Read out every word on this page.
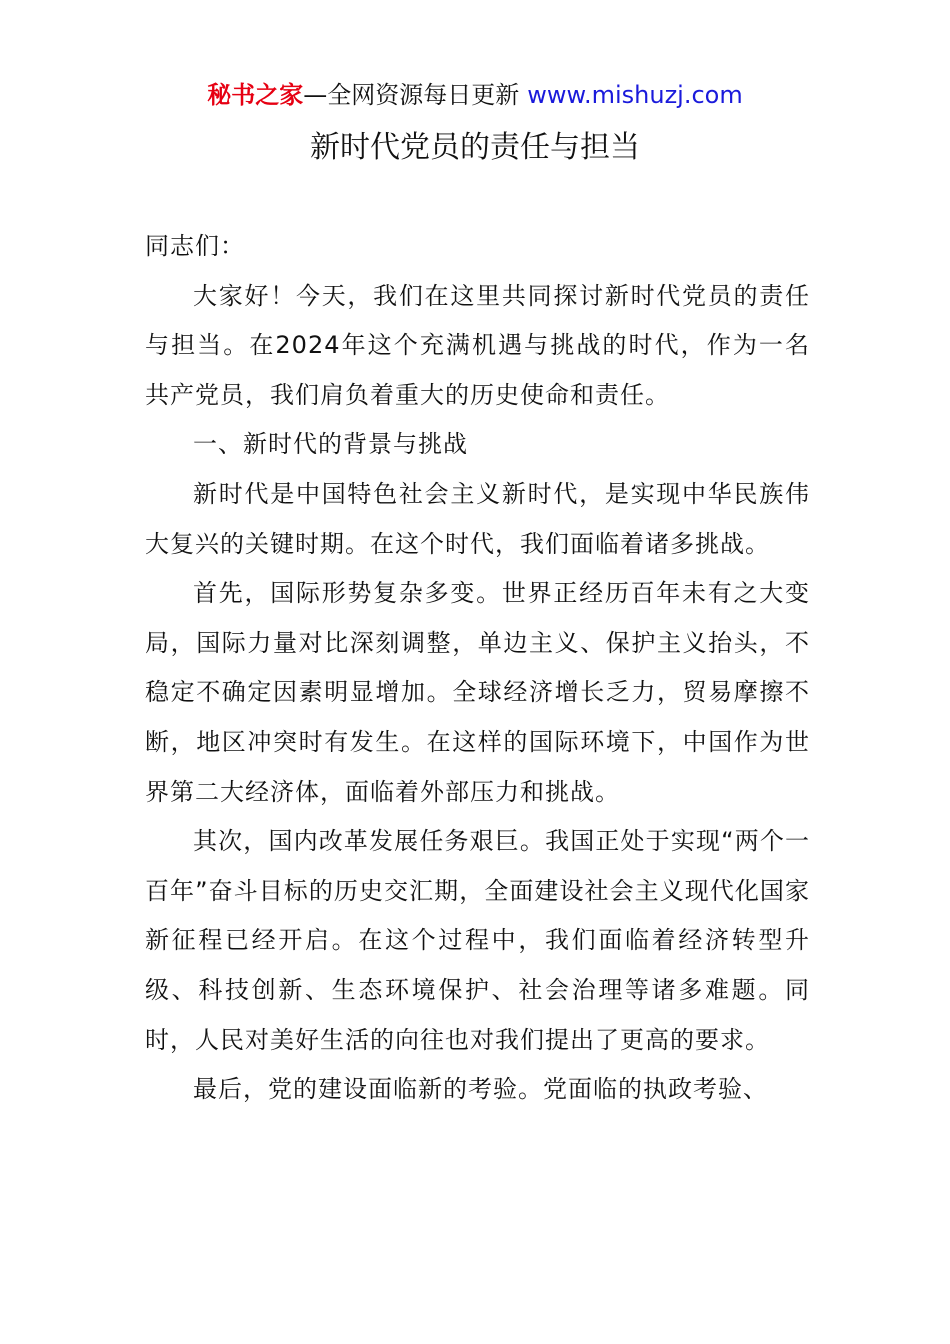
秘书之家—全网资源每日更新 www.mishuzj.com
新时代党员的责任与担当

同志们：

大家好！今天，我们在这里共同探讨新时代党员的责任与担当。在2024年这个充满机遇与挑战的时代，作为一名共产党员，我们肩负着重大的历史使命和责任。

一、新时代的背景与挑战

新时代是中国特色社会主义新时代，是实现中华民族伟大复兴的关键时期。在这个时代，我们面临着诸多挑战。

首先，国际形势复杂多变。世界正经历百年未有之大变局，国际力量对比深刻调整，单边主义、保护主义抬头，不稳定不确定因素明显增加。全球经济增长乏力，贸易摩擦不断，地区冲突时有发生。在这样的国际环境下，中国作为世界第二大经济体，面临着外部压力和挑战。

其次，国内改革发展任务艰巨。我国正处于实现“两个一百年”奋斗目标的历史交汇期，全面建设社会主义现代化国家新征程已经开启。在这个过程中，我们面临着经济转型升级、科技创新、生态环境保护、社会治理等诸多难题。同时，人民对美好生活的向往也对我们提出了更高的要求。

最后，党的建设面临新的考验。党面临的执政考验、
